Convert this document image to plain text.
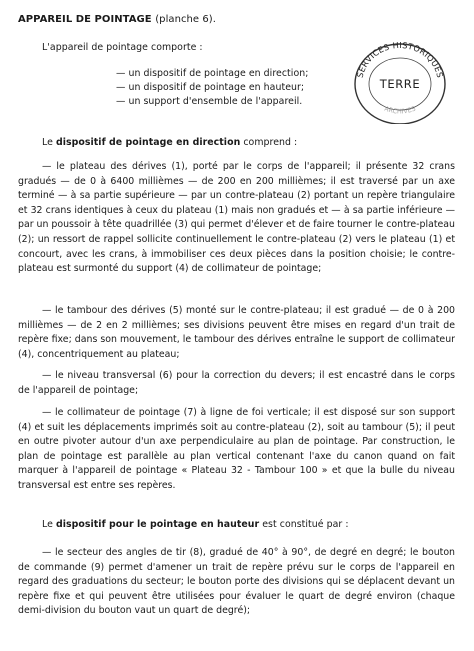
APPAREIL DE POINTAGE (planche 6).
L'appareil de pointage comporte :
— un dispositif de pointage en direction;
— un dispositif de pointage en hauteur;
— un support d'ensemble de l'appareil.
SERVICES HISTORIQUES
TERRE
ARCHIVES
Le dispositif de pointage en direction comprend :

— le plateau des dérives (1), porté par le corps de l'appareil; il présente 32 crans gradués — de 0 à 6400 millièmes — de 200 en 200 millièmes; il est traversé par un axe terminé — à sa partie supérieure — par un contre-plateau (2) portant un repère triangulaire et 32 crans identiques à ceux du plateau (1) mais non gradués et — à sa partie inférieure — par un poussoir à tête quadrillée (3) qui permet d'élever et de faire tourner le contre-plateau (2); un ressort de rappel sollicite continuellement le contre-plateau (2) vers le plateau (1) et concourt, avec les crans, à immobiliser ces deux pièces dans la position choisie; le contre-plateau est surmonté du support (4) de collimateur de pointage;

— le tambour des dérives (5) monté sur le contre-plateau; il est gradué — de 0 à 200 millièmes — de 2 en 2 millièmes; ses divisions peuvent être mises en regard d'un trait de repère fixe; dans son mouvement, le tambour des dérives entraîne le support de collimateur (4), concentriquement au plateau;

— le niveau transversal (6) pour la correction du devers; il est encastré dans le corps de l'appareil de pointage;

— le collimateur de pointage (7) à ligne de foi verticale; il est disposé sur son support (4) et suit les déplacements imprimés soit au contre-plateau (2), soit au tambour (5); il peut en outre pivoter autour d'un axe perpendiculaire au plan de pointage. Par construction, le plan de pointage est parallèle au plan vertical contenant l'axe du canon quand on fait marquer à l'appareil de pointage « Plateau 32 - Tambour 100 » et que la bulle du niveau transversal est entre ses repères.

Le dispositif pour le pointage en hauteur est constitué par :

— le secteur des angles de tir (8), gradué de 40° à 90°, de degré en degré; le bouton de commande (9) permet d'amener un trait de repère prévu sur le corps de l'appareil en regard des graduations du secteur; le bouton porte des divisions qui se déplacent devant un repère fixe et qui peuvent être utilisées pour évaluer le quart de degré environ (chaque demi-division du bouton vaut un quart de degré);
